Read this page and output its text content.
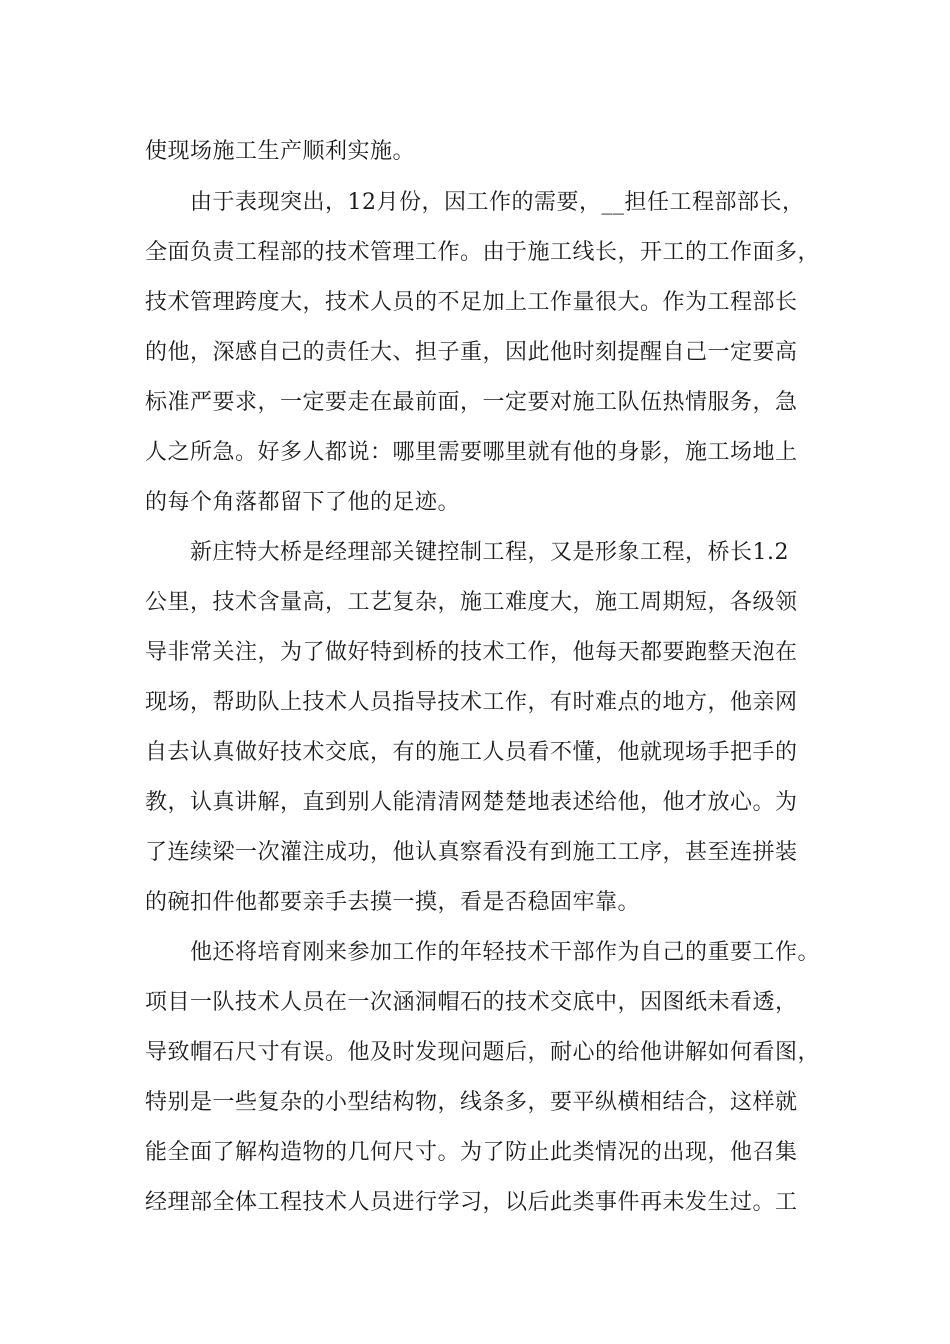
使现场施工生产顺利实施。
　　由于表现突出，12月份，因工作的需要，__担任工程部部长，
全面负责工程部的技术管理工作。由于施工线长，开工的工作面多，
技术管理跨度大，技术人员的不足加上工作量很大。作为工程部长
的他，深感自己的责任大、担子重，因此他时刻提醒自己一定要高
标准严要求，一定要走在最前面，一定要对施工队伍热情服务，急
人之所急。好多人都说：哪里需要哪里就有他的身影，施工场地上
的每个角落都留下了他的足迹。
　　新庄特大桥是经理部关键控制工程，又是形象工程，桥长1.2
公里，技术含量高，工艺复杂，施工难度大，施工周期短，各级领
导非常关注，为了做好特到桥的技术工作，他每天都要跑整天泡在
现场，帮助队上技术人员指导技术工作，有时难点的地方，他亲网
自去认真做好技术交底，有的施工人员看不懂，他就现场手把手的
教，认真讲解，直到别人能清清网楚楚地表述给他，他才放心。为
了连续梁一次灌注成功，他认真察看没有到施工工序，甚至连拼装
的碗扣件他都要亲手去摸一摸，看是否稳固牢靠。
　　他还将培育刚来参加工作的年轻技术干部作为自己的重要工作。
项目一队技术人员在一次涵洞帽石的技术交底中，因图纸未看透，
导致帽石尺寸有误。他及时发现问题后，耐心的给他讲解如何看图，
特别是一些复杂的小型结构物，线条多，要平纵横相结合，这样就
能全面了解构造物的几何尺寸。为了防止此类情况的出现，他召集
经理部全体工程技术人员进行学习，以后此类事件再未发生过。工
